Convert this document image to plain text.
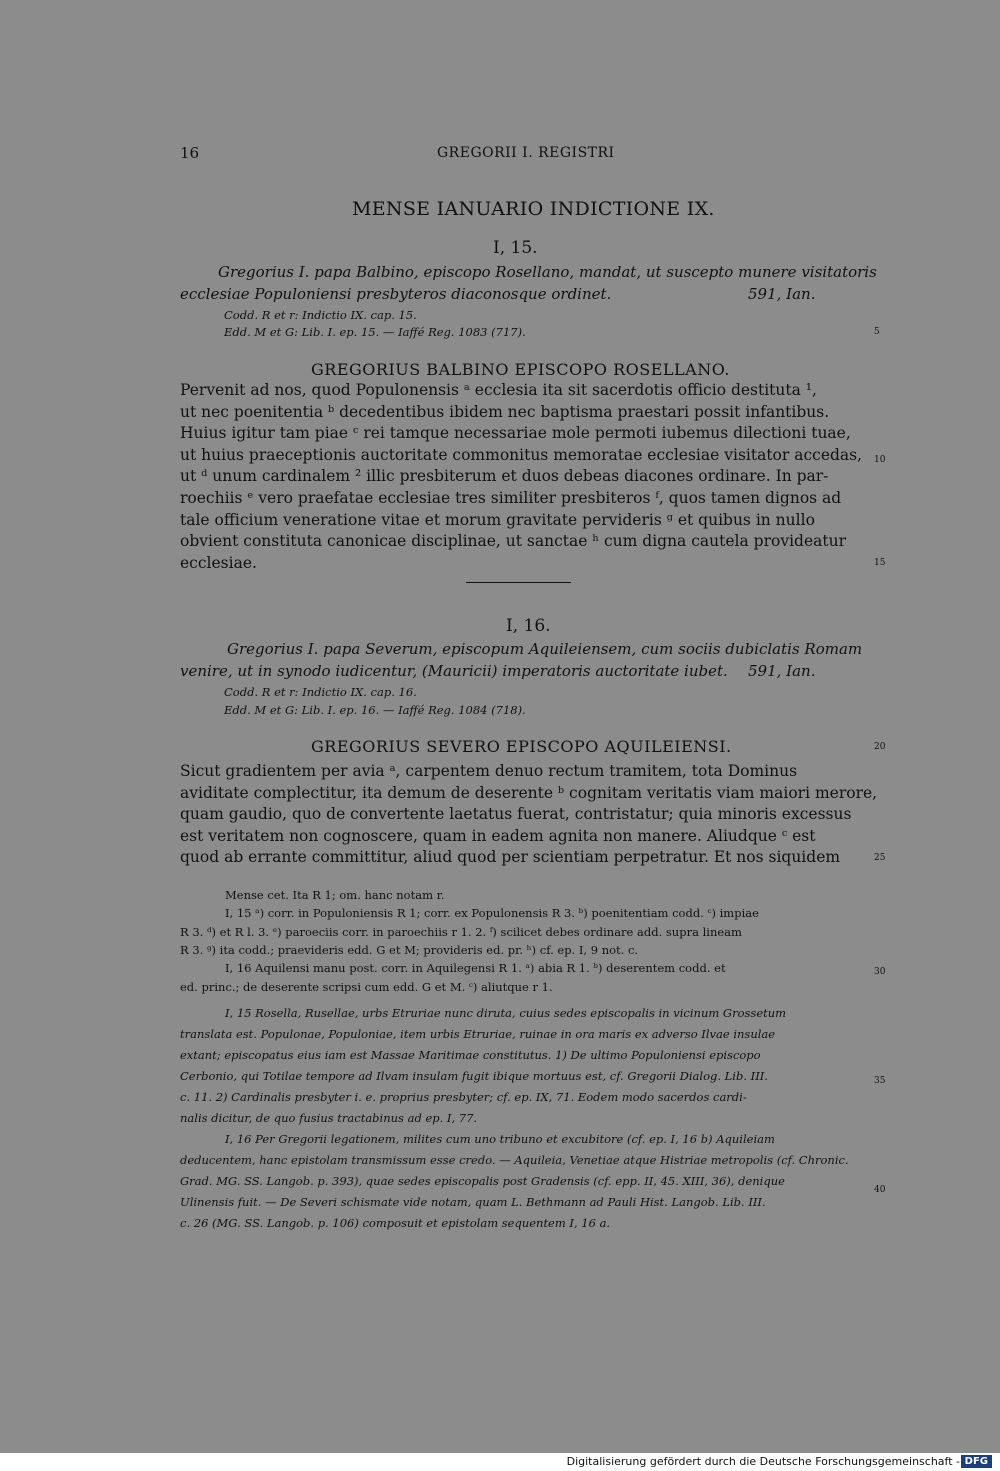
16	GREGORII I. REGISTRI
MENSE IANUARIO INDICTIONE IX.
I, 15.
Gregorius I. papa Balbino, episcopo Rosellano, mandat, ut suscepto munere visitatoris
ecclesiae Populoniensi presbyteros diaconosque ordinet.	591, Ian.
Codd. R et r: Indictio IX. cap. 15.
Edd. M et G: Lib. I. ep. 15. — Iaffé Reg. 1083 (717).
GREGORIUS BALBINO EPISCOPO ROSELLANO.
Pervenit ad nos, quod Populonensis ᵃ ecclesia ita sit sacerdotis officio destituta ¹,
ut nec poenitentia ᵇ decedentibus ibidem nec baptisma praestari possit infantibus.
Huius igitur tam piae ᶜ rei tamque necessariae mole permoti iubemus dilectioni tuae,
ut huius praeceptionis auctoritate commonitus memoratae ecclesiae visitator accedas,
ut ᵈ unum cardinalem ² illic presbiterum et duos debeas diacones ordinare. In par-
roechiis ᵉ vero praefatae ecclesiae tres similiter presbiteros ᶠ, quos tamen dignos ad
tale officium veneratione vitae et morum gravitate pervideris ᵍ et quibus in nullo
obvient constituta canonicae disciplinae, ut sanctae ʰ cum digna cautela provideatur
ecclesiae.
I, 16.
Gregorius I. papa Severum, episcopum Aquileiensem, cum sociis dubiclatis Romam
venire, ut in synodo iudicentur, (Mauricii) imperatoris auctoritate iubet. 591, Ian.
Codd. R et r: Indictio IX. cap. 16.
Edd. M et G: Lib. I. ep. 16. — Iaffé Reg. 1084 (718).
GREGORIUS SEVERO EPISCOPO AQUILEIENSI.
Sicut gradientem per avia ᵃ, carpentem denuo rectum tramitem, tota Dominus
aviditate complectitur, ita demum de deserente ᵇ cognitam veritatis viam maiori merore,
quam gaudio, quo de convertente laetatus fuerat, contristatur; quia minoris excessus
est veritatem non cognoscere, quam in eadem agnita non manere. Aliudque ᶜ est
quod ab errante committitur, aliud quod per scientiam perpetratur. Et nos siquidem
Mense cet. Ita R 1; om. hanc notam r.
I, 15 ᵃ) corr. in Populoniensis R 1; corr. ex Populonensis R 3. ᵇ) poenitentiam codd. ᶜ) impiae
R 3. ᵈ) et R l. 3. ᵉ) paroeciis corr. in paroechiis r 1. 2. ᶠ) scilicet debes ordinare add. supra lineam
R 3. ᵍ) ita codd.; praevideris edd. G et M; provideris ed. pr. ʰ) cf. ep. I, 9 not. c.
I, 16 Aquilensi manu post. corr. in Aquilegensi R 1. ᵃ) abia R 1. ᵇ) deserentem codd. et
ed. princ.; de deserente scripsi cum edd. G et M. ᶜ) aliutque r 1.
I, 15 Rosella, Rusellae, urbs Etruriae nunc diruta, cuius sedes episcopalis in vicinum Grossetum
translata est. Populonae, Populoniae, item urbis Etruriae, ruinae in ora maris ex adverso Ilvae insulae
extant; episcopatus eius iam est Massae Maritimae constitutus. 1) De ultimo Populoniensi episcopo
Cerbonio, qui Totilae tempore ad Ilvam insulam fugit ibique mortuus est, cf. Gregorii Dialog. Lib. III.
c. 11. 2) Cardinalis presbyter i. e. proprius presbyter; cf. ep. IX, 71. Eodem modo sacerdos cardi-
nalis dicitur, de quo fusius tractabinus ad ep. I, 77.
I, 16 Per Gregorii legationem, milites cum uno tribuno et excubitore (cf. ep. I, 16 b) Aquileiam
deducentem, hanc epistolam transmissum esse credo. — Aquileia, Venetiae atque Histriae metropolis (cf. Chronic.
Grad. MG. SS. Langob. p. 393), quae sedes episcopalis post Gradensis (cf. epp. II, 45. XIII, 36), denique
Ulinensis fuit. — De Severi schismate vide notam, quam L. Bethmann ad Pauli Hist. Langob. Lib. III.
c. 26 (MG. SS. Langob. p. 106) composuit et epistolam sequentem I, 16 a.
5
10
15
20
25
30
35
40
Digitalisierung gefördert durch die Deutsche Forschungsgemeinschaft - DFG
